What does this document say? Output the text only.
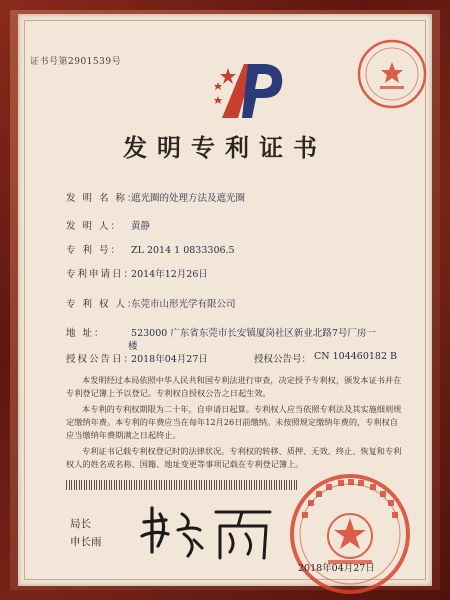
证书号第2901539号
发明专利证书
发 明 名 称： 遮光圈的处理方法及遮光圈
发 明 人： 黄静
专 利 号： ZL 2014 1 0833306.5
专利申请日： 2014年12月26日
专 利 权 人： 东莞市山形光学有限公司
地 址：	523000 广东省东莞市长安镇厦岗社区新业北路7号厂房一
楼
授权公告日： 2018年04月27日	授权公告号： CN 104460182 B

本发明经过本局依照中华人民共和国专利法进行审查，决定授予专利权，颁发本证书并在专利登记簿上予以登记。专利权自授权公告之日起生效。

本专利的专利权期限为二十年，自申请日起算。专利权人应当依照专利法及其实施细则规定缴纳年费。本专利的年费应当在每年12月26日前缴纳。未按照规定缴纳年费的，专利权自应当缴纳年费期满之日起终止。

专利证书记载专利权登记时的法律状况。专利权的转移、质押、无效、终止、恢复和专利权人的姓名或名称、国籍、地址变更等事项记载在专利登记簿上。

局长
申长雨
2018年04月27日
